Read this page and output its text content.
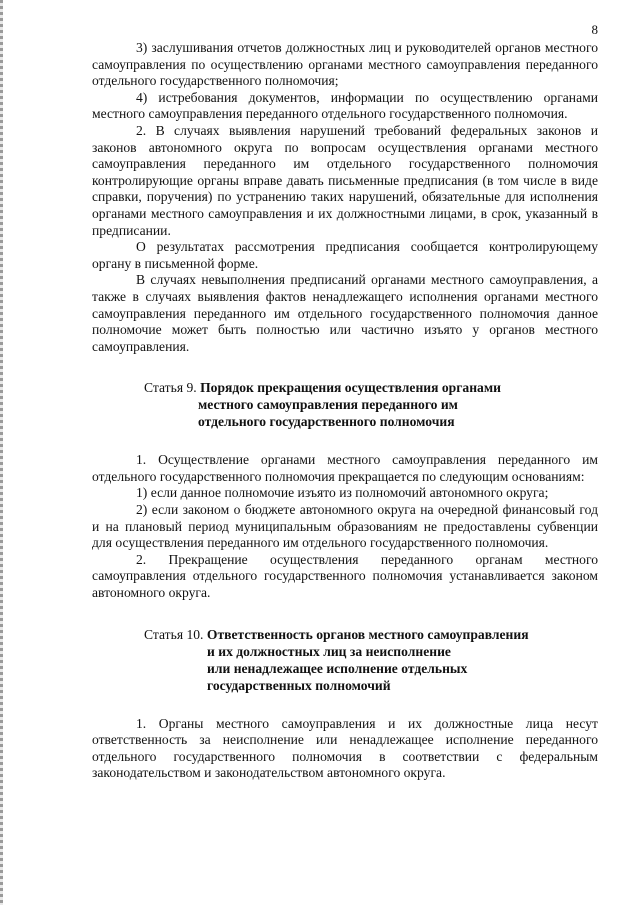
8

3) заслушивания отчетов должностных лиц и руководителей органов местного самоуправления по осуществлению органами местного самоуправления переданного отдельного государственного полномочия;

4) истребования документов, информации по осуществлению органами местного самоуправления переданного отдельного государственного полномочия.

2. В случаях выявления нарушений требований федеральных законов и законов автономного округа по вопросам осуществления органами местного самоуправления переданного им отдельного государственного полномочия контролирующие органы вправе давать письменные предписания (в том числе в виде справки, поручения) по устранению таких нарушений, обязательные для исполнения органами местного самоуправления и их должностными лицами, в срок, указанный в предписании.

О результатах рассмотрения предписания сообщается контролирующему органу в письменной форме.

В случаях невыполнения предписаний органами местного самоуправления, а также в случаях выявления фактов ненадлежащего исполнения органами местного самоуправления переданного им отдельного государственного полномочия данное полномочие может быть полностью или частично изъято у органов местного самоуправления.

Статья 9. Порядок прекращения осуществления органами
местного самоуправления переданного им
отдельного государственного полномочия

1. Осуществление органами местного самоуправления переданного им отдельного государственного полномочия прекращается по следующим основаниям:

1) если данное полномочие изъято из полномочий автономного округа;

2) если законом о бюджете автономного округа на очередной финансовый год и на плановый период муниципальным образованиям не предоставлены субвенции для осуществления переданного им отдельного государственного полномочия.

2. Прекращение осуществления переданного органам местного самоуправления отдельного государственного полномочия устанавливается законом автономного округа.

Статья 10. Ответственность органов местного самоуправления
и их должностных лиц за неисполнение
или ненадлежащее исполнение отдельных
государственных полномочий

1. Органы местного самоуправления и их должностные лица несут ответственность за неисполнение или ненадлежащее исполнение переданного отдельного государственного полномочия в соответствии с федеральным законодательством и законодательством автономного округа.
